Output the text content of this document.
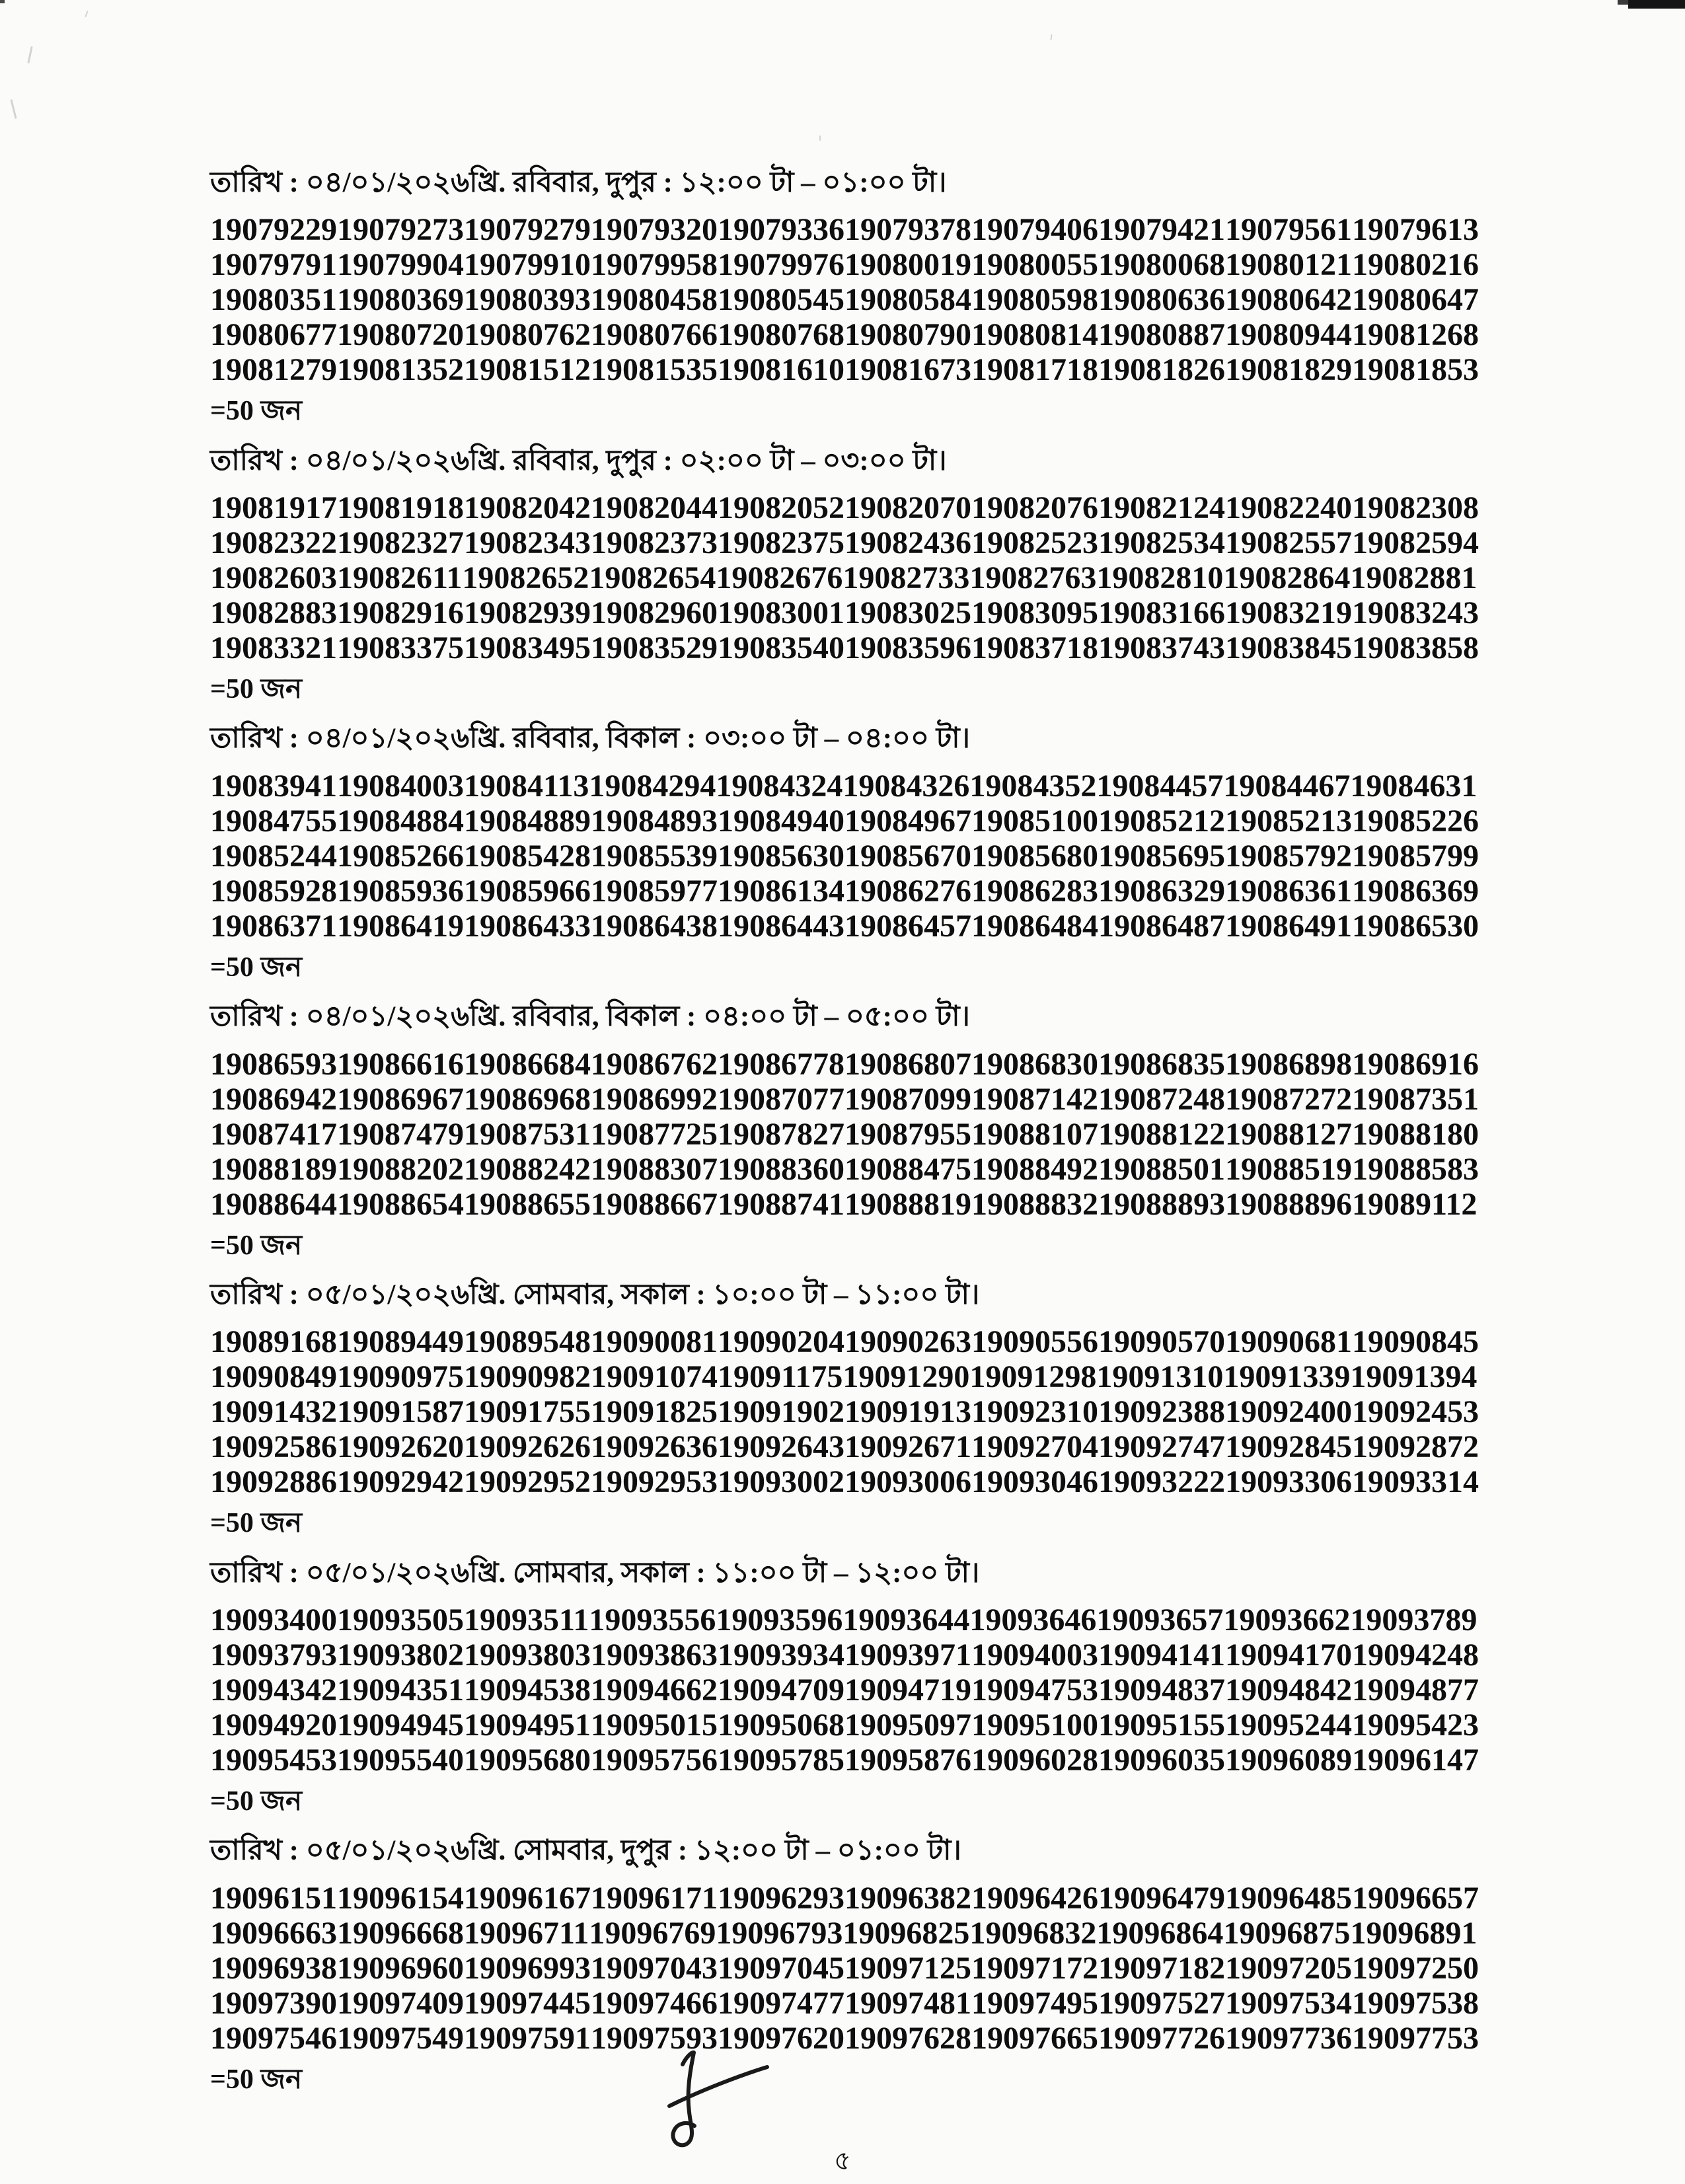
তারিখ : ০৪/০১/২০২৬খ্রি. রবিবার, দুপুর : ১২:০০ টা – ০১:০০ টা।
19079229 19079273 19079279 19079320 19079336 19079378 19079406 19079421 19079561 19079613
19079791 19079904 19079910 19079958 19079976 19080019 19080055 19080068 19080121 19080216
19080351 19080369 19080393 19080458 19080545 19080584 19080598 19080636 19080642 19080647
19080677 19080720 19080762 19080766 19080768 19080790 19080814 19080887 19080944 19081268
19081279 19081352 19081512 19081535 19081610 19081673 19081718 19081826 19081829 19081853
=50 জন
তারিখ : ০৪/০১/২০২৬খ্রি. রবিবার, দুপুর : ০২:০০ টা – ০৩:০০ টা।
19081917 19081918 19082042 19082044 19082052 19082070 19082076 19082124 19082240 19082308
19082322 19082327 19082343 19082373 19082375 19082436 19082523 19082534 19082557 19082594
19082603 19082611 19082652 19082654 19082676 19082733 19082763 19082810 19082864 19082881
19082883 19082916 19082939 19082960 19083001 19083025 19083095 19083166 19083219 19083243
19083321 19083375 19083495 19083529 19083540 19083596 19083718 19083743 19083845 19083858
=50 জন
তারিখ : ০৪/০১/২০২৬খ্রি. রবিবার, বিকাল : ০৩:০০ টা – ০৪:০০ টা।
19083941 19084003 19084113 19084294 19084324 19084326 19084352 19084457 19084467 19084631
19084755 19084884 19084889 19084893 19084940 19084967 19085100 19085212 19085213 19085226
19085244 19085266 19085428 19085539 19085630 19085670 19085680 19085695 19085792 19085799
19085928 19085936 19085966 19085977 19086134 19086276 19086283 19086329 19086361 19086369
19086371 19086419 19086433 19086438 19086443 19086457 19086484 19086487 19086491 19086530
=50 জন
তারিখ : ০৪/০১/২০২৬খ্রি. রবিবার, বিকাল : ০৪:০০ টা – ০৫:০০ টা।
19086593 19086616 19086684 19086762 19086778 19086807 19086830 19086835 19086898 19086916
19086942 19086967 19086968 19086992 19087077 19087099 19087142 19087248 19087272 19087351
19087417 19087479 19087531 19087725 19087827 19087955 19088107 19088122 19088127 19088180
19088189 19088202 19088242 19088307 19088360 19088475 19088492 19088501 19088519 19088583
19088644 19088654 19088655 19088667 19088741 19088819 19088832 19088893 19088896 19089112
=50 জন
তারিখ : ০৫/০১/২০২৬খ্রি. সোমবার, সকাল : ১০:০০ টা – ১১:০০ টা।
19089168 19089449 19089548 19090081 19090204 19090263 19090556 19090570 19090681 19090845
19090849 19090975 19090982 19091074 19091175 19091290 19091298 19091310 19091339 19091394
19091432 19091587 19091755 19091825 19091902 19091913 19092310 19092388 19092400 19092453
19092586 19092620 19092626 19092636 19092643 19092671 19092704 19092747 19092845 19092872
19092886 19092942 19092952 19092953 19093002 19093006 19093046 19093222 19093306 19093314
=50 জন
তারিখ : ০৫/০১/২০২৬খ্রি. সোমবার, সকাল : ১১:০০ টা – ১২:০০ টা।
19093400 19093505 19093511 19093556 19093596 19093644 19093646 19093657 19093662 19093789
19093793 19093802 19093803 19093863 19093934 19093971 19094003 19094141 19094170 19094248
19094342 19094351 19094538 19094662 19094709 19094719 19094753 19094837 19094842 19094877
19094920 19094945 19094951 19095015 19095068 19095097 19095100 19095155 19095244 19095423
19095453 19095540 19095680 19095756 19095785 19095876 19096028 19096035 19096089 19096147
=50 জন
তারিখ : ০৫/০১/২০২৬খ্রি. সোমবার, দুপুর : ১২:০০ টা – ০১:০০ টা।
19096151 19096154 19096167 19096171 19096293 19096382 19096426 19096479 19096485 19096657
19096663 19096668 19096711 19096769 19096793 19096825 19096832 19096864 19096875 19096891
19096938 19096960 19096993 19097043 19097045 19097125 19097172 19097182 19097205 19097250
19097390 19097409 19097445 19097466 19097477 19097481 19097495 19097527 19097534 19097538
19097546 19097549 19097591 19097593 19097620 19097628 19097665 19097726 19097736 19097753
=50 জন
৫
